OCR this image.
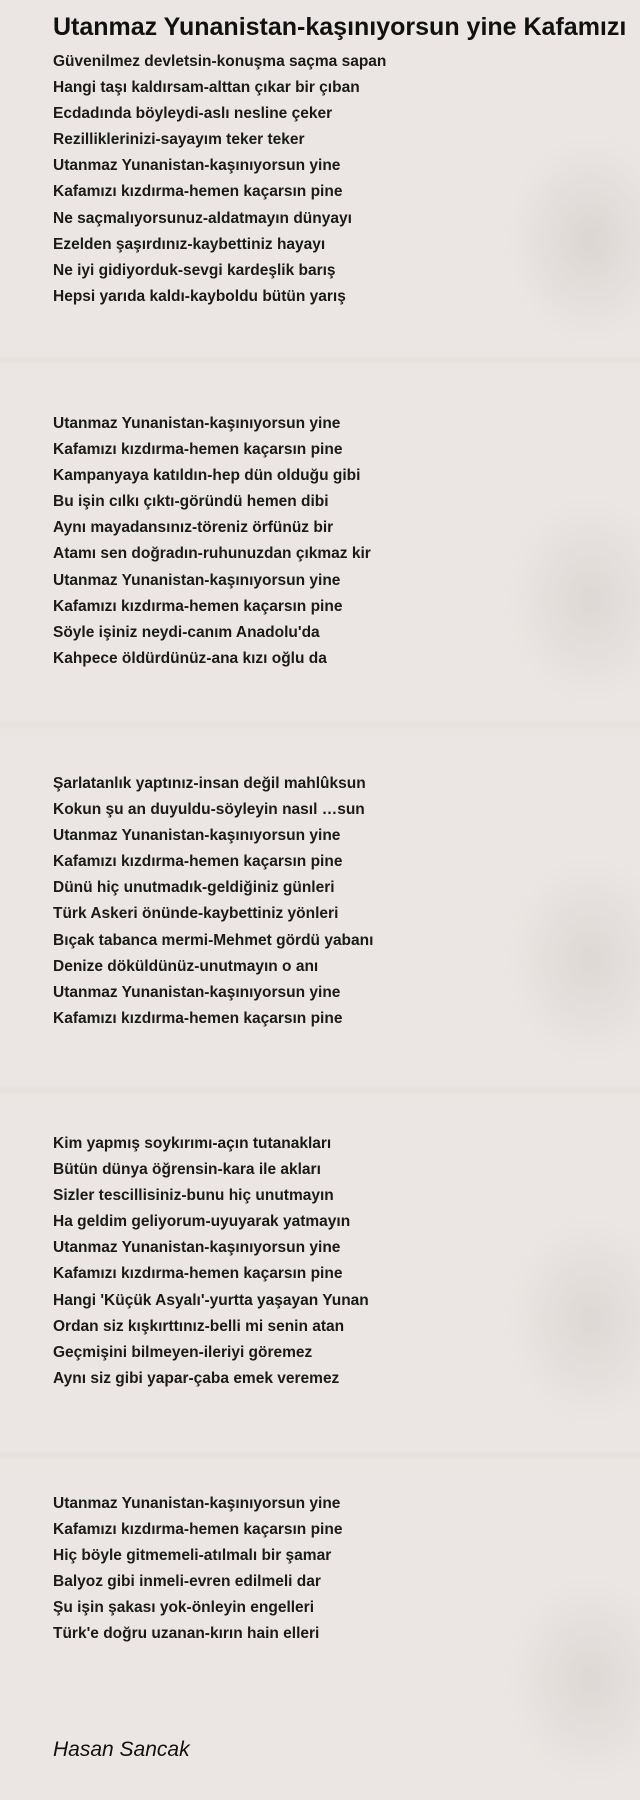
Utanmaz Yunanistan-kaşınıyorsun yine Kafamızı
Güvenilmez devletsin-konuşma saçma sapan
Hangi taşı kaldırsam-alttan çıkar bir çıban
Ecdadında böyleydi-aslı nesline çeker
Rezilliklerinizi-sayayım teker teker
Utanmaz Yunanistan-kaşınıyorsun yine
Kafamızı kızdırma-hemen kaçarsın pine
Ne saçmalıyorsunuz-aldatmayın dünyayı
Ezelden şaşırdınız-kaybettiniz hayayı
Ne iyi gidiyorduk-sevgi kardeşlik barış
Hepsi yarıda kaldı-kayboldu bütün yarış
Utanmaz Yunanistan-kaşınıyorsun yine
Kafamızı kızdırma-hemen kaçarsın pine
Kampanyaya katıldın-hep dün olduğu gibi
Bu işin cılkı çıktı-göründü hemen dibi
Aynı mayadansınız-töreniz örfünüz bir
Atamı sen doğradın-ruhunuzdan çıkmaz kir
Utanmaz Yunanistan-kaşınıyorsun yine
Kafamızı kızdırma-hemen kaçarsın pine
Söyle işiniz neydi-canım Anadolu'da
Kahpece öldürdünüz-ana kızı oğlu da
Şarlatanlık yaptınız-insan değil mahlûksun
Kokun şu an duyuldu-söyleyin nasıl …sun
Utanmaz Yunanistan-kaşınıyorsun yine
Kafamızı kızdırma-hemen kaçarsın pine
Dünü hiç unutmadık-geldiğiniz günleri
Türk Askeri önünde-kaybettiniz yönleri
Bıçak tabanca mermi-Mehmet gördü yabanı
Denize döküldünüz-unutmayın o anı
Utanmaz Yunanistan-kaşınıyorsun yine
Kafamızı kızdırma-hemen kaçarsın pine
Kim yapmış soykırımı-açın tutanakları
Bütün dünya öğrensin-kara ile akları
Sizler tescillisiniz-bunu hiç unutmayın
Ha geldim geliyorum-uyuyarak yatmayın
Utanmaz Yunanistan-kaşınıyorsun yine
Kafamızı kızdırma-hemen kaçarsın pine
Hangi 'Küçük Asyalı'-yurtta yaşayan Yunan
Ordan siz kışkırttınız-belli mi senin atan
Geçmişini bilmeyen-ileriyi göremez
Aynı siz gibi yapar-çaba emek veremez
Utanmaz Yunanistan-kaşınıyorsun yine
Kafamızı kızdırma-hemen kaçarsın pine
Hiç böyle gitmemeli-atılmalı bir şamar
Balyoz gibi inmeli-evren edilmeli dar
Şu işin şakası yok-önleyin engelleri
Türk'e doğru uzanan-kırın hain elleri

Hasan Sancak
